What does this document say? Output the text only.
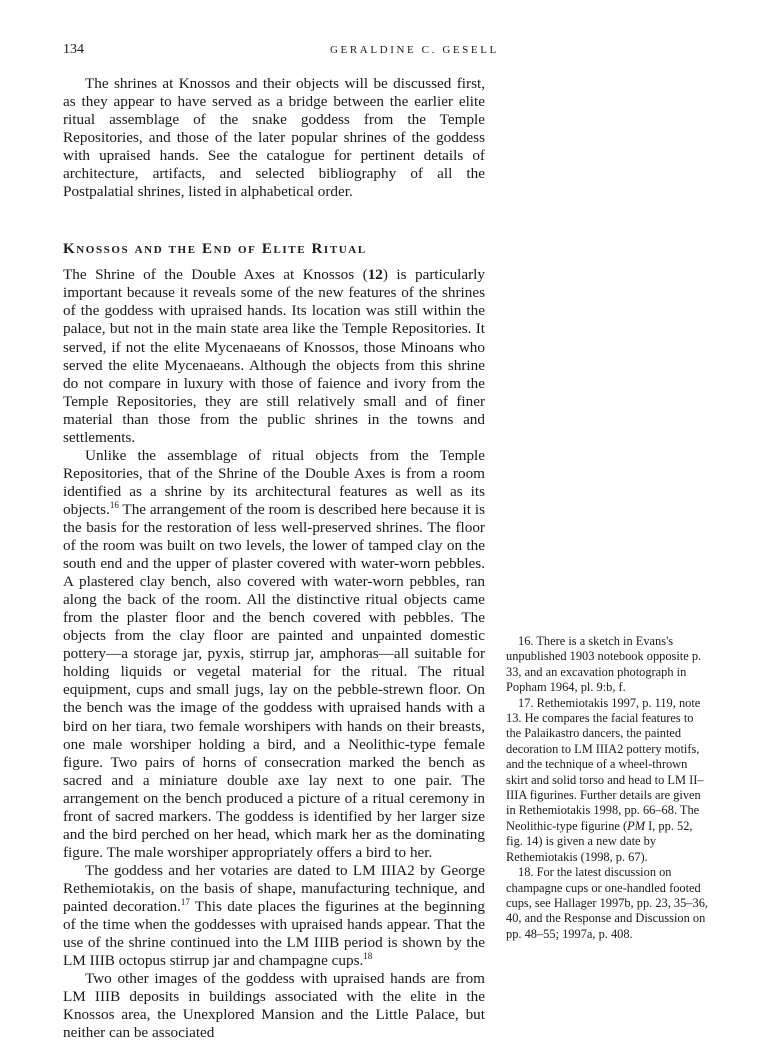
134	GERALDINE C. GESELL

The shrines at Knossos and their objects will be discussed first, as they appear to have served as a bridge between the earlier elite ritual assemblage of the snake goddess from the Temple Repositories, and those of the later popular shrines of the goddess with upraised hands. See the catalogue for pertinent details of architecture, artifacts, and selected bibliography of all the Postpalatial shrines, listed in alphabetical order.

Knossos and the End of Elite Ritual

The Shrine of the Double Axes at Knossos (12) is particularly important because it reveals some of the new features of the shrines of the goddess with upraised hands. Its location was still within the palace, but not in the main state area like the Temple Repositories. It served, if not the elite Mycenaeans of Knossos, those Minoans who served the elite Mycenaeans. Although the objects from this shrine do not compare in luxury with those of faience and ivory from the Temple Repositories, they are still relatively small and of finer material than those from the public shrines in the towns and settlements.

Unlike the assemblage of ritual objects from the Temple Repositories, that of the Shrine of the Double Axes is from a room identified as a shrine by its architectural features as well as its objects.$^{16}$ The arrangement of the room is described here because it is the basis for the restoration of less well-preserved shrines. The floor of the room was built on two levels, the lower of tamped clay on the south end and the upper of plaster covered with water-worn pebbles. A plastered clay bench, also covered with water-worn pebbles, ran along the back of the room. All the distinctive ritual objects came from the plaster floor and the bench covered with pebbles. The objects from the clay floor are painted and unpainted domestic pottery—a storage jar, pyxis, stirrup jar, amphoras—all suitable for holding liquids or vegetal material for the ritual. The ritual equipment, cups and small jugs, lay on the pebble-strewn floor. On the bench was the image of the goddess with upraised hands with a bird on her tiara, two female worshipers with hands on their breasts, one male worshiper holding a bird, and a Neolithic-type female figure. Two pairs of horns of consecration marked the bench as sacred and a miniature double axe lay next to one pair. The arrangement on the bench produced a picture of a ritual ceremony in front of sacred markers. The goddess is identified by her larger size and the bird perched on her head, which mark her as the dominating figure. The male worshiper appropriately offers a bird to her.

The goddess and her votaries are dated to LM IIIA2 by George Rethemiotakis, on the basis of shape, manufacturing technique, and painted decoration.$^{17}$ This date places the figurines at the beginning of the time when the goddesses with upraised hands appear. That the use of the shrine continued into the LM IIIB period is shown by the LM IIIB octopus stirrup jar and champagne cups.$^{18}$

Two other images of the goddess with upraised hands are from LM IIIB deposits in buildings associated with the elite in the Knossos area, the Unexplored Mansion and the Little Palace, but neither can be associated

16. There is a sketch in Evans's unpublished 1903 notebook opposite p. 33, and an excavation photograph in Popham 1964, pl. 9:b, f.

17. Rethemiotakis 1997, p. 119, note 13. He compares the facial features to the Palaikastro dancers, the painted decoration to LM IIIA2 pottery motifs, and the technique of a wheel-thrown skirt and solid torso and head to LM II–IIIA figurines. Further details are given in Rethemiotakis 1998, pp. 66–68. The Neolithic-type figurine (PM I, pp. 52, fig. 14) is given a new date by Rethemiotakis (1998, p. 67).

18. For the latest discussion on champagne cups or one-handled footed cups, see Hallager 1997b, pp. 23, 35–36, 40, and the Response and Discussion on pp. 48–55; 1997a, p. 408.
